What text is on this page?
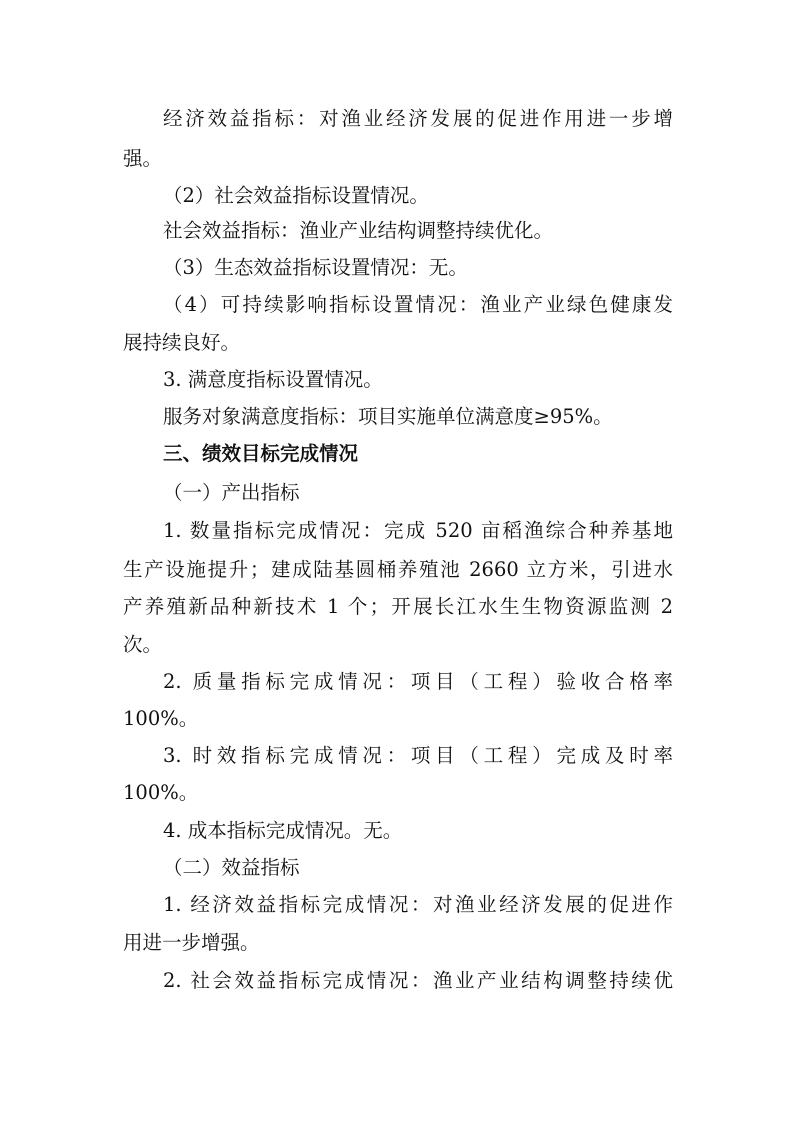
经济效益指标：对渔业经济发展的促进作用进一步增
强。
（2）社会效益指标设置情况。
社会效益指标：渔业产业结构调整持续优化。
（3）生态效益指标设置情况：无。
（4）可持续影响指标设置情况：渔业产业绿色健康发
展持续良好。
3. 满意度指标设置情况。
服务对象满意度指标：项目实施单位满意度≥95%。
三、绩效目标完成情况
（一）产出指标
1. 数量指标完成情况：完成 520 亩稻渔综合种养基地
生产设施提升；建成陆基圆桶养殖池 2660 立方米，引进水
产养殖新品种新技术 1 个；开展长江水生生物资源监测 2
次。
2. 质量指标完成情况：项目（工程）验收合格率
100%。
3. 时效指标完成情况：项目（工程）完成及时率
100%。
4. 成本指标完成情况。无。
（二）效益指标
1. 经济效益指标完成情况：对渔业经济发展的促进作
用进一步增强。
2. 社会效益指标完成情况：渔业产业结构调整持续优
